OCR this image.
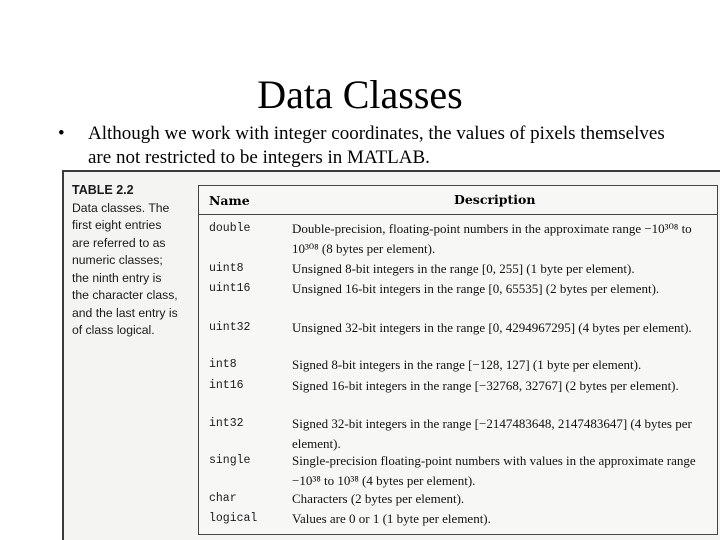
Data Classes
• Although we work with integer coordinates, the values of pixels themselves are not restricted to be integers in MATLAB.
TABLE 2.2
Data classes. The first eight entries are referred to as numeric classes; the ninth entry is the character class, and the last entry is of class logical.
Name	Description
double	Double-precision, floating-point numbers in the approximate range −10³⁰⁸ to 10³⁰⁸ (8 bytes per element).
uint8	Unsigned 8-bit integers in the range [0, 255] (1 byte per element).
uint16	Unsigned 16-bit integers in the range [0, 65535] (2 bytes per element).
uint32	Unsigned 32-bit integers in the range [0, 4294967295] (4 bytes per element).
int8	Signed 8-bit integers in the range [−128, 127] (1 byte per element).
int16	Signed 16-bit integers in the range [−32768, 32767] (2 bytes per element).
int32	Signed 32-bit integers in the range [−2147483648, 2147483647] (4 bytes per element).
single	Single-precision floating-point numbers with values in the approximate range −10³⁸ to 10³⁸ (4 bytes per element).
char	Characters (2 bytes per element).
logical	Values are 0 or 1 (1 byte per element).
